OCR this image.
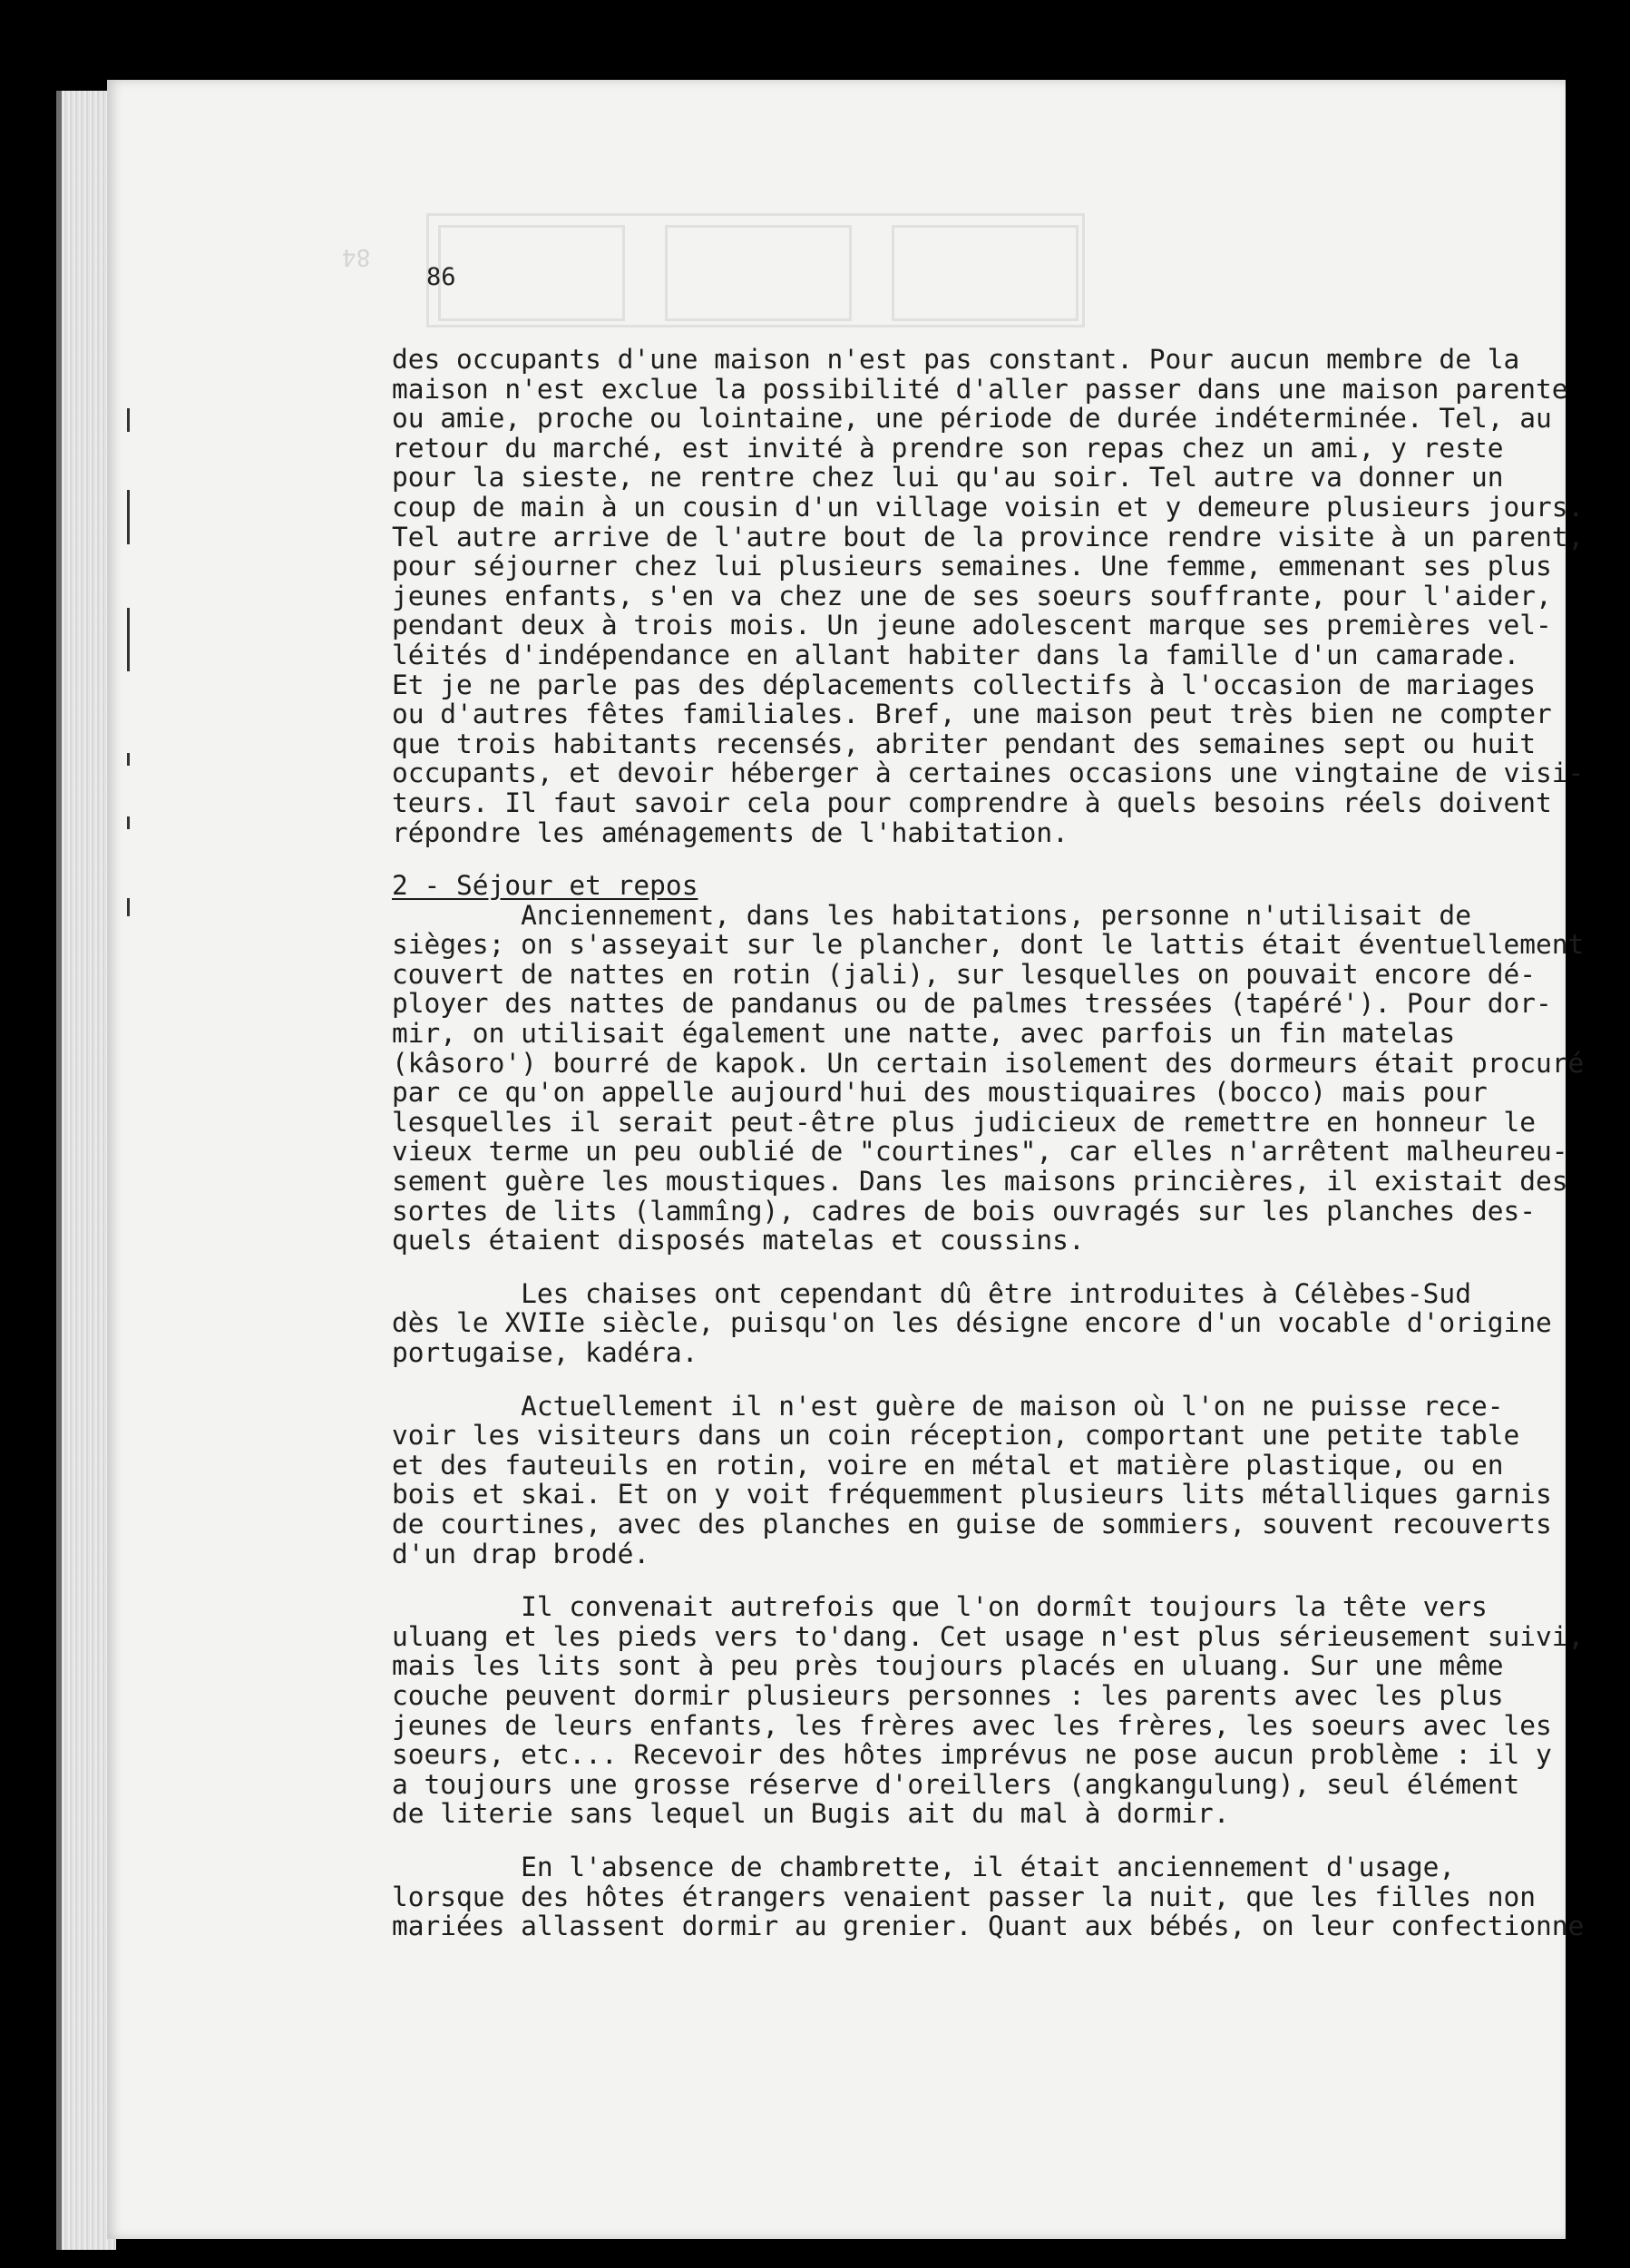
84
86
des occupants d'une maison n'est pas constant. Pour aucun membre de la
maison n'est exclue la possibilité d'aller passer dans une maison parente
ou amie, proche ou lointaine, une période de durée indéterminée. Tel, au
retour du marché, est invité à prendre son repas chez un ami, y reste
pour la sieste, ne rentre chez lui qu'au soir. Tel autre va donner un
coup de main à un cousin d'un village voisin et y demeure plusieurs jours.
Tel autre arrive de l'autre bout de la province rendre visite à un parent,
pour séjourner chez lui plusieurs semaines. Une femme, emmenant ses plus
jeunes enfants, s'en va chez une de ses soeurs souffrante, pour l'aider,
pendant deux à trois mois. Un jeune adolescent marque ses premières vel-
léités d'indépendance en allant habiter dans la famille d'un camarade.
Et je ne parle pas des déplacements collectifs à l'occasion de mariages
ou d'autres fêtes familiales. Bref, une maison peut très bien ne compter
que trois habitants recensés, abriter pendant des semaines sept ou huit
occupants, et devoir héberger à certaines occasions une vingtaine de visi-
teurs. Il faut savoir cela pour comprendre à quels besoins réels doivent
répondre les aménagements de l'habitation.
2 - Séjour et repos
Anciennement, dans les habitations, personne n'utilisait de
sièges; on s'asseyait sur le plancher, dont le lattis était éventuellement
couvert de nattes en rotin (jali), sur lesquelles on pouvait encore dé-
ployer des nattes de pandanus ou de palmes tressées (tapéré'). Pour dor-
mir, on utilisait également une natte, avec parfois un fin matelas
(kâsoro') bourré de kapok. Un certain isolement des dormeurs était procuré
par ce qu'on appelle aujourd'hui des moustiquaires (bocco) mais pour
lesquelles il serait peut-être plus judicieux de remettre en honneur le
vieux terme un peu oublié de "courtines", car elles n'arrêtent malheureu-
sement guère les moustiques. Dans les maisons princières, il existait des
sortes de lits (lammîng), cadres de bois ouvragés sur les planches des-
quels étaient disposés matelas et coussins.
Les chaises ont cependant dû être introduites à Célèbes-Sud
dès le XVIIe siècle, puisqu'on les désigne encore d'un vocable d'origine
portugaise, kadéra.
Actuellement il n'est guère de maison où l'on ne puisse rece-
voir les visiteurs dans un coin réception, comportant une petite table
et des fauteuils en rotin, voire en métal et matière plastique, ou en
bois et skai. Et on y voit fréquemment plusieurs lits métalliques garnis
de courtines, avec des planches en guise de sommiers, souvent recouverts
d'un drap brodé.
Il convenait autrefois que l'on dormît toujours la tête vers
uluang et les pieds vers to'dang. Cet usage n'est plus sérieusement suivi,
mais les lits sont à peu près toujours placés en uluang. Sur une même
couche peuvent dormir plusieurs personnes : les parents avec les plus
jeunes de leurs enfants, les frères avec les frères, les soeurs avec les
soeurs, etc... Recevoir des hôtes imprévus ne pose aucun problème : il y
a toujours une grosse réserve d'oreillers (angkangulung), seul élément
de literie sans lequel un Bugis ait du mal à dormir.
En l'absence de chambrette, il était anciennement d'usage,
lorsque des hôtes étrangers venaient passer la nuit, que les filles non
mariées allassent dormir au grenier. Quant aux bébés, on leur confectionne
